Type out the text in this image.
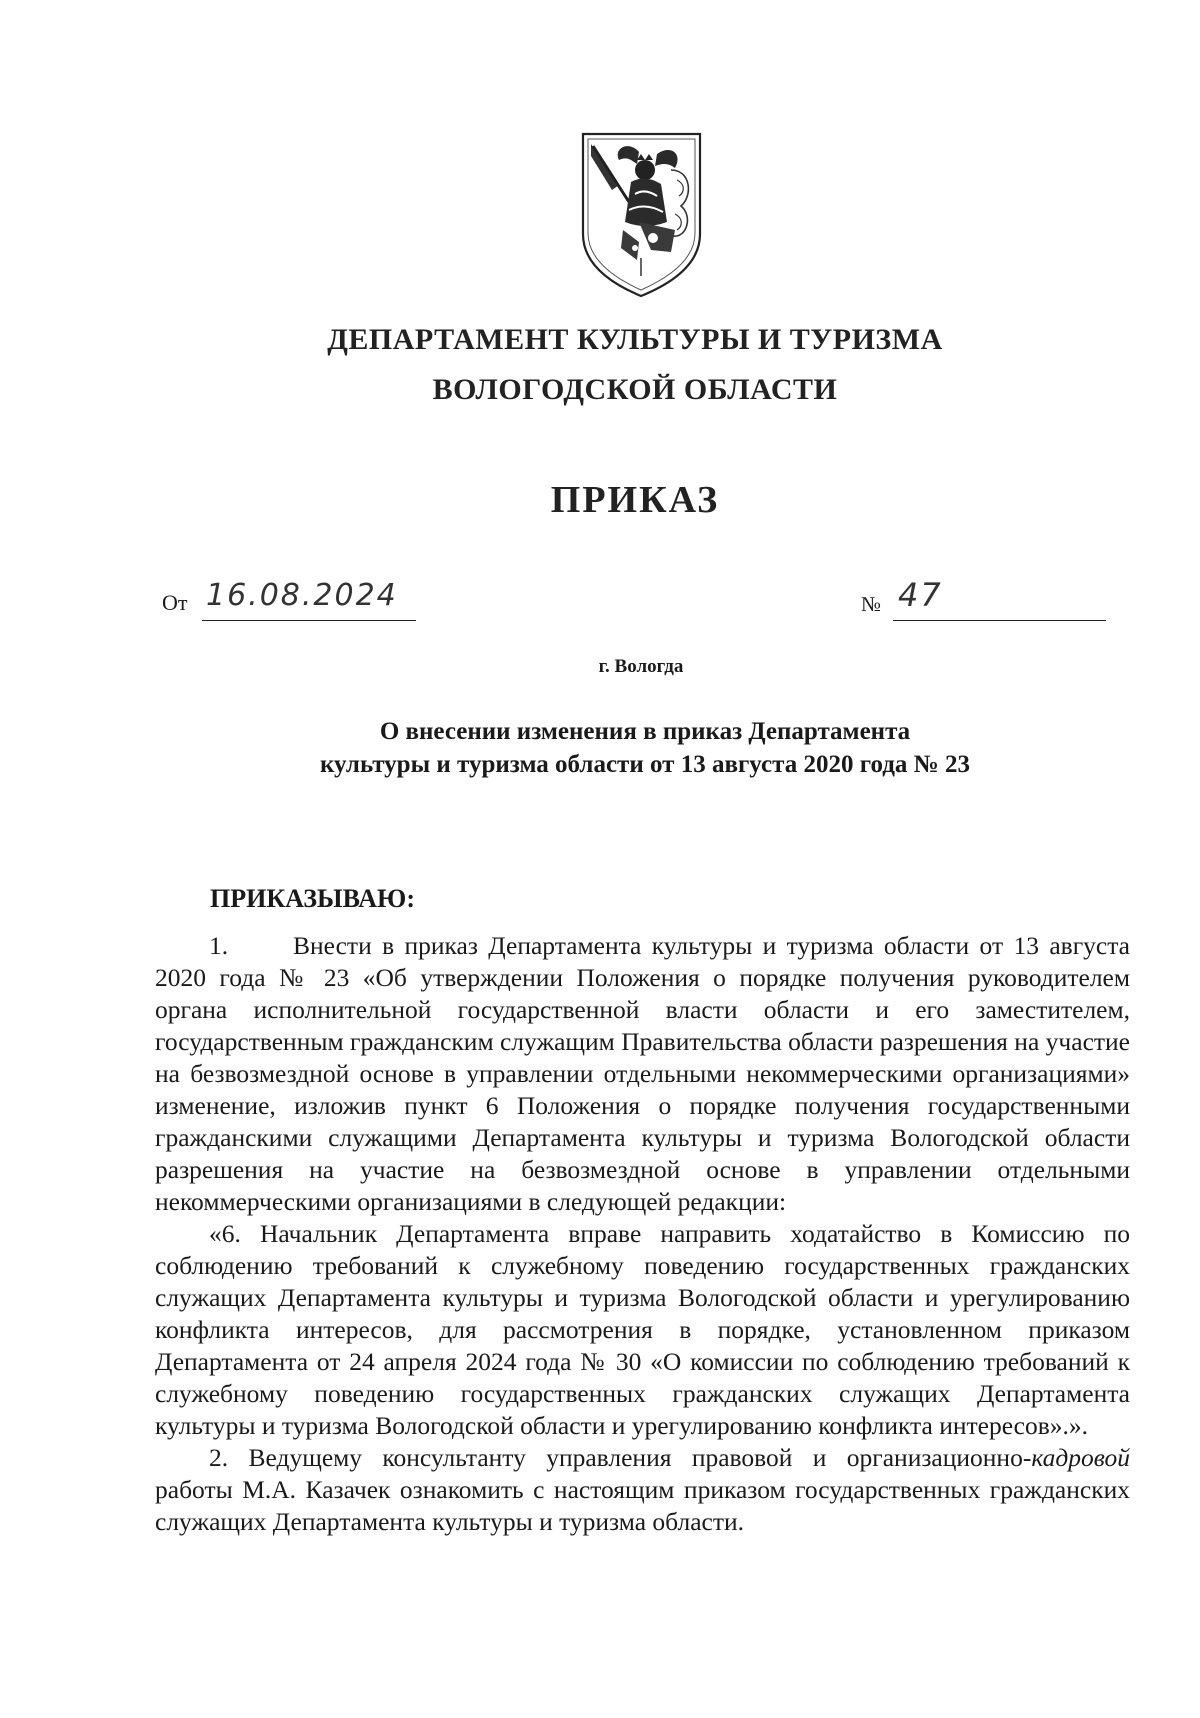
ДЕПАРТАМЕНТ КУЛЬТУРЫ И ТУРИЗМА
ВОЛОГОДСКОЙ ОБЛАСТИ
ПРИКАЗ
От 16.08.2024	№ 47
г. Вологда
О внесении изменения в приказ Департамента
культуры и туризма области от 13 августа 2020 года № 23
ПРИКАЗЫВАЮ:

1.	Внести в приказ Департамента культуры и туризма области от 13 августа 2020 года № 23 «Об утверждении Положения о порядке получения руководителем органа исполнительной государственной власти области и его заместителем, государственным гражданским служащим Правительства области разрешения на участие на безвозмездной основе в управлении отдельными некоммерческими организациями» изменение, изложив пункт 6 Положения о порядке получения государственными гражданскими служащими Департамента культуры и туризма Вологодской области разрешения на участие на безвозмездной основе в управлении отдельными некоммерческими организациями в следующей редакции:

«6. Начальник Департамента вправе направить ходатайство в Комиссию по соблюдению требований к служебному поведению государственных гражданских служащих Департамента культуры и туризма Вологодской области и урегулированию конфликта интересов, для рассмотрения в порядке, установленном приказом Департамента от 24 апреля 2024 года № 30 «О комиссии по соблюдению требований к служебному поведению государственных гражданских служащих Департамента культуры и туризма Вологодской области и урегулированию конфликта интересов».».

2. Ведущему консультанту управления правовой и организационно-кадровой работы М.А. Казачек ознакомить с настоящим приказом государственных гражданских служащих Департамента культуры и туризма области.
